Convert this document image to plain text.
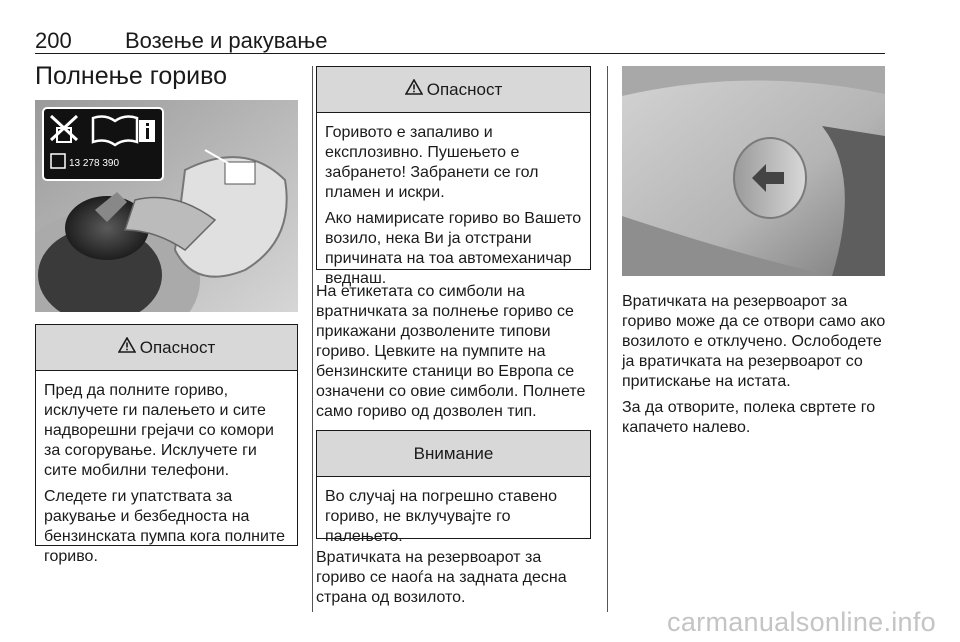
200 Возење и ракување
Полнење гориво
13 278 390
Опасност

Пред да полните гориво, исклучете ги палењето и сите надворешни грејачи со комори за согорување. Исклучете ги сите мобилни телефони.

Следете ги упатствата за ракување и безбедноста на бензинската пумпа кога полните гориво.

Опасност

Горивото е запаливо и експлозивно. Пушењето е забрането! Забранети се гол пламен и искри.

Ако намирисате гориво во Вашето возило, нека Ви ја отстрани причината на тоа автомеханичар веднаш.

На етикетата со симболи на вратничката за полнење гориво се прикажани дозволените типови гориво. Цевките на пумпите на бензинските станици во Европа се означени со овие симболи. Полнете само гориво од дозволен тип.
Внимание

Во случај на погрешно ставено гориво, не вклучувајте го палењето.

Вратичката на резервоарот за гориво се наоѓа на задната десна страна од возилото.

Вратичката на резервоарот за гориво може да се отвори само ако возилото е отклучено. Ослободете ја вратичката на резервоарот со притискање на истата.

За да отворите, полека свртете го капачето налево.

carmanualsonline.info
